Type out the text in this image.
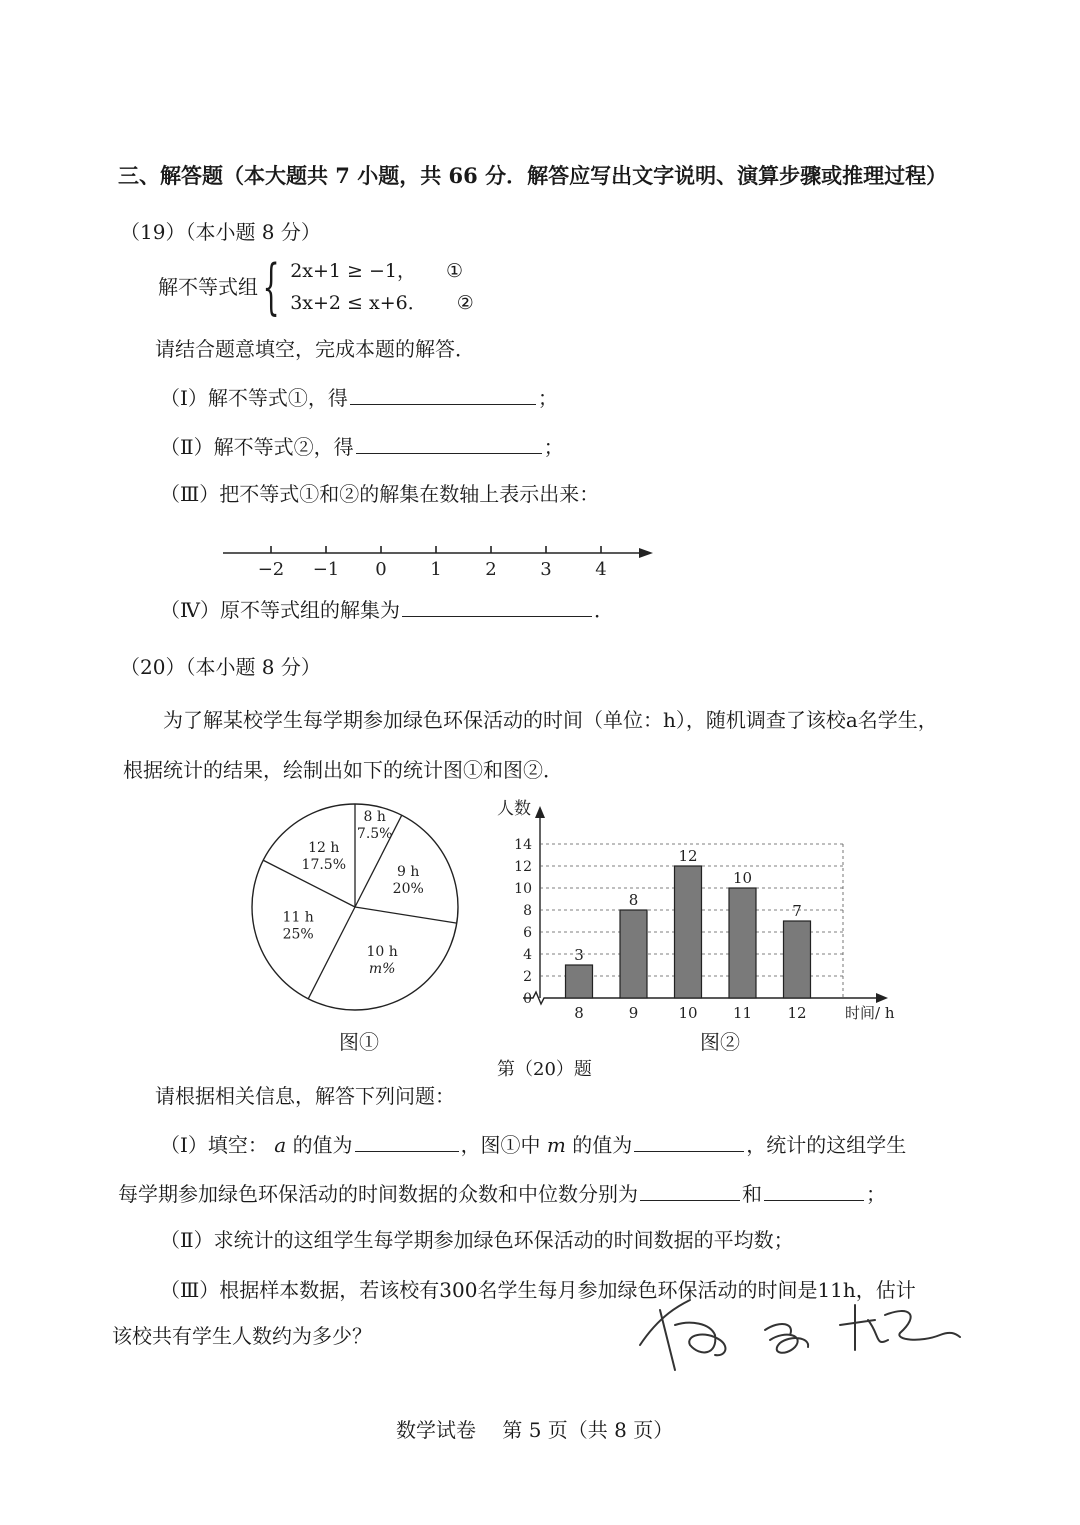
三、解答题（本大题共 7 小题，共 66 分．解答应写出文字说明、演算步骤或推理过程）
（19）（本小题 8 分）
解不等式组 { 2x+1 ≥ −1， ①
3x+2 ≤ x+6． ②
请结合题意填空，完成本题的解答．
（Ⅰ）解不等式①，得	；
（Ⅱ）解不等式②，得	；
（Ⅲ）把不等式①和②的解集在数轴上表示出来：
−2 −1 0 1 2 3 4
（Ⅳ）原不等式组的解集为	．
（20）（本小题 8 分）
为了解某校学生每学期参加绿色环保活动的时间（单位：h），随机调查了该校a名学生，
根据统计的结果，绘制出如下的统计图①和图②．
8 h
7.5%
9 h
20%
10 h
m%
11 h
25%
12 h
17.5%
0
2
4
6
8
10
12
14
3
8
8
9
12
10
10
11
7
12
人数
时间/ h
图①	图②
第（20）题
请根据相关信息，解答下列问题：
（Ⅰ）填空： a 的值为	，图①中 m 的值为	，统计的这组学生
每学期参加绿色环保活动的时间数据的众数和中位数分别为	和	；
（Ⅱ）求统计的这组学生每学期参加绿色环保活动的时间数据的平均数；
（Ⅲ）根据样本数据，若该校有300名学生每月参加绿色环保活动的时间是11h，估计
该校共有学生人数约为多少？
数学试卷　 第 5 页（共 8 页）
